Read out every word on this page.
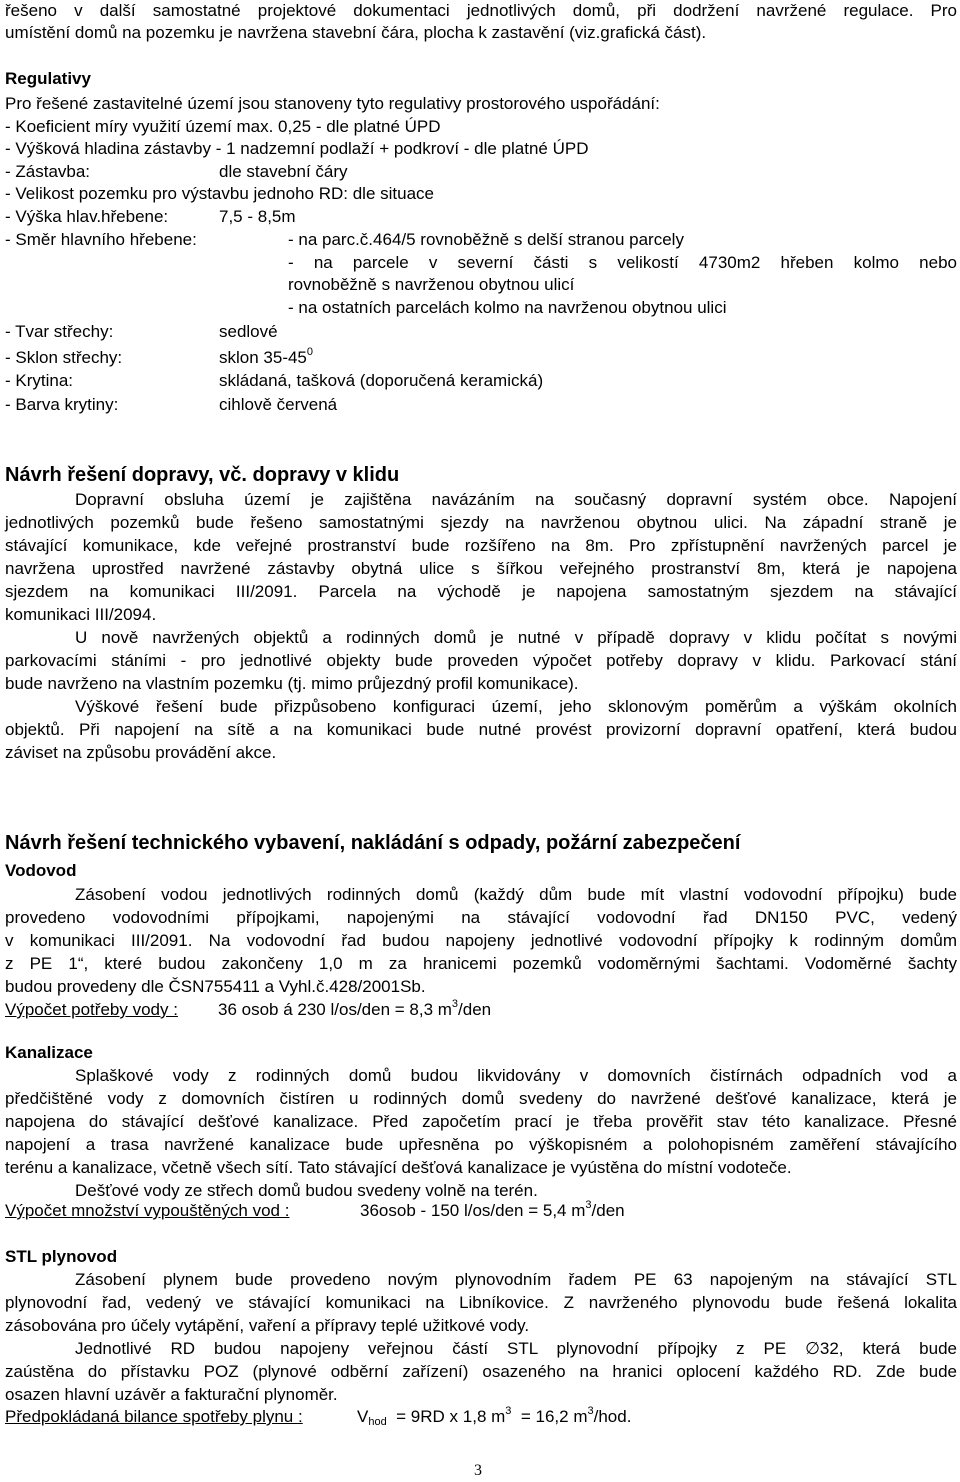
řešeno v další samostatné projektové dokumentaci jednotlivých domů, při dodržení navržené regulace. Pro
umístění domů na pozemku je navržena stavební čára, plocha k zastavění (viz.grafická část).
Regulativy
Pro řešené zastavitelné území jsou stanoveny tyto regulativy prostorového uspořádání:
- Koeficient míry využití území max. 0,25 - dle platné ÚPD
- Výšková hladina zástavby - 1 nadzemní podlaží + podkroví - dle platné ÚPD
- Zástavba:	dle stavební čáry
- Velikost pozemku pro výstavbu jednoho RD: dle situace
- Výška hlav.hřebene:	7,5 - 8,5m
- Směr hlavního hřebene:	- na parc.č.464/5 rovnoběžně s delší stranou parcely
- na parcele v severní části s velikostí 4730m2 hřeben kolmo nebo
rovnoběžně s navrženou obytnou ulicí
- na ostatních parcelách kolmo na navrženou obytnou ulici
- Tvar střechy:	sedlové
- Sklon střechy:	sklon $35-45^0$
- Krytina:	skládaná, tašková (doporučená keramická)
- Barva krytiny:	cihlově červená
Návrh řešení dopravy, vč. dopravy v klidu
Dopravní obsluha území je zajištěna navázáním na současný dopravní systém obce. Napojení
jednotlivých pozemků bude řešeno samostatnými sjezdy na navrženou obytnou ulici. Na západní straně je
stávající komunikace, kde veřejné prostranství bude rozšířeno na 8m. Pro zpřístupnění navržených parcel je
navržena uprostřed navržené zástavby obytná ulice s šířkou veřejného prostranství 8m, která je napojena
sjezdem na komunikaci III/2091. Parcela na východě je napojena samostatným sjezdem na stávající
komunikaci III/2094.
U nově navržených objektů a rodinných domů je nutné v případě dopravy v klidu počítat s novými
parkovacími stáními - pro jednotlivé objekty bude proveden výpočet potřeby dopravy v klidu. Parkovací stání
bude navrženo na vlastním pozemku (tj. mimo průjezdný profil komunikace).
Výškové řešení bude přizpůsobeno konfiguraci území, jeho sklonovým poměrům a výškám okolních
objektů. Při napojení na sítě a na komunikaci bude nutné provést provizorní dopravní opatření, která budou
záviset na způsobu provádění akce.
Návrh řešení technického vybavení, nakládání s odpady, požární zabezpečení
Vodovod
Zásobení vodou jednotlivých rodinných domů (každý dům bude mít vlastní vodovodní přípojku) bude
provedeno vodovodními přípojkami, napojenými na stávající vodovodní řad DN150 PVC, vedený
v komunikaci III/2091. Na vodovodní řad budou napojeny jednotlivé vodovodní přípojky k rodinným domům
z PE 1“, které budou zakončeny 1,0 m za hranicemi pozemků vodoměrnými šachtami. Vodoměrné šachty
budou provedeny dle ČSN755411 a Vyhl.č.428/2001Sb.
Výpočet potřeby vody :	36 osob á 230 l/os/den = 8,3 $m^3$/den
Kanalizace
Splaškové vody z rodinných domů budou likvidovány v domovních čistírnách odpadních vod a
předčištěné vody z domovních čistíren u rodinných domů svedeny do navržené dešťové kanalizace, která je
napojena do stávající dešťové kanalizace. Před započetím prací je třeba prověřit stav této kanalizace. Přesné
napojení a trasa navržené kanalizace bude upřesněna po výškopisném a polohopisném zaměření stávajícího
terénu a kanalizace, včetně všech sítí. Tato stávající dešťová kanalizace je vyústěna do místní vodoteče.
Dešťové vody ze střech domů budou svedeny volně na terén.
Výpočet množství vypouštěných vod :	36osob - 150 l/os/den = 5,4 $m^3$/den
STL plynovod
Zásobení plynem bude provedeno novým plynovodním řadem PE 63 napojeným na stávající STL
plynovodní řad, vedený ve stávající komunikaci na Libníkovice. Z navrženého plynovodu bude řešená lokalita
zásobována pro účely vytápění, vaření a přípravy teplé užitkové vody.
Jednotlivé RD budou napojeny veřejnou částí STL plynovodní přípojky z PE ∅32, která bude
zaústěna do přístavku POZ (plynové odběrní zařízení) osazeného na hranici oplocení každého RD. Zde bude
osazen hlavní uzávěr a fakturační plynoměr.
Předpokládaná bilance spotřeby plynu :	$V_{hod} = 9RD$ x 1,8 $m^3 = 16,2$ $m^3$/hod.
3
